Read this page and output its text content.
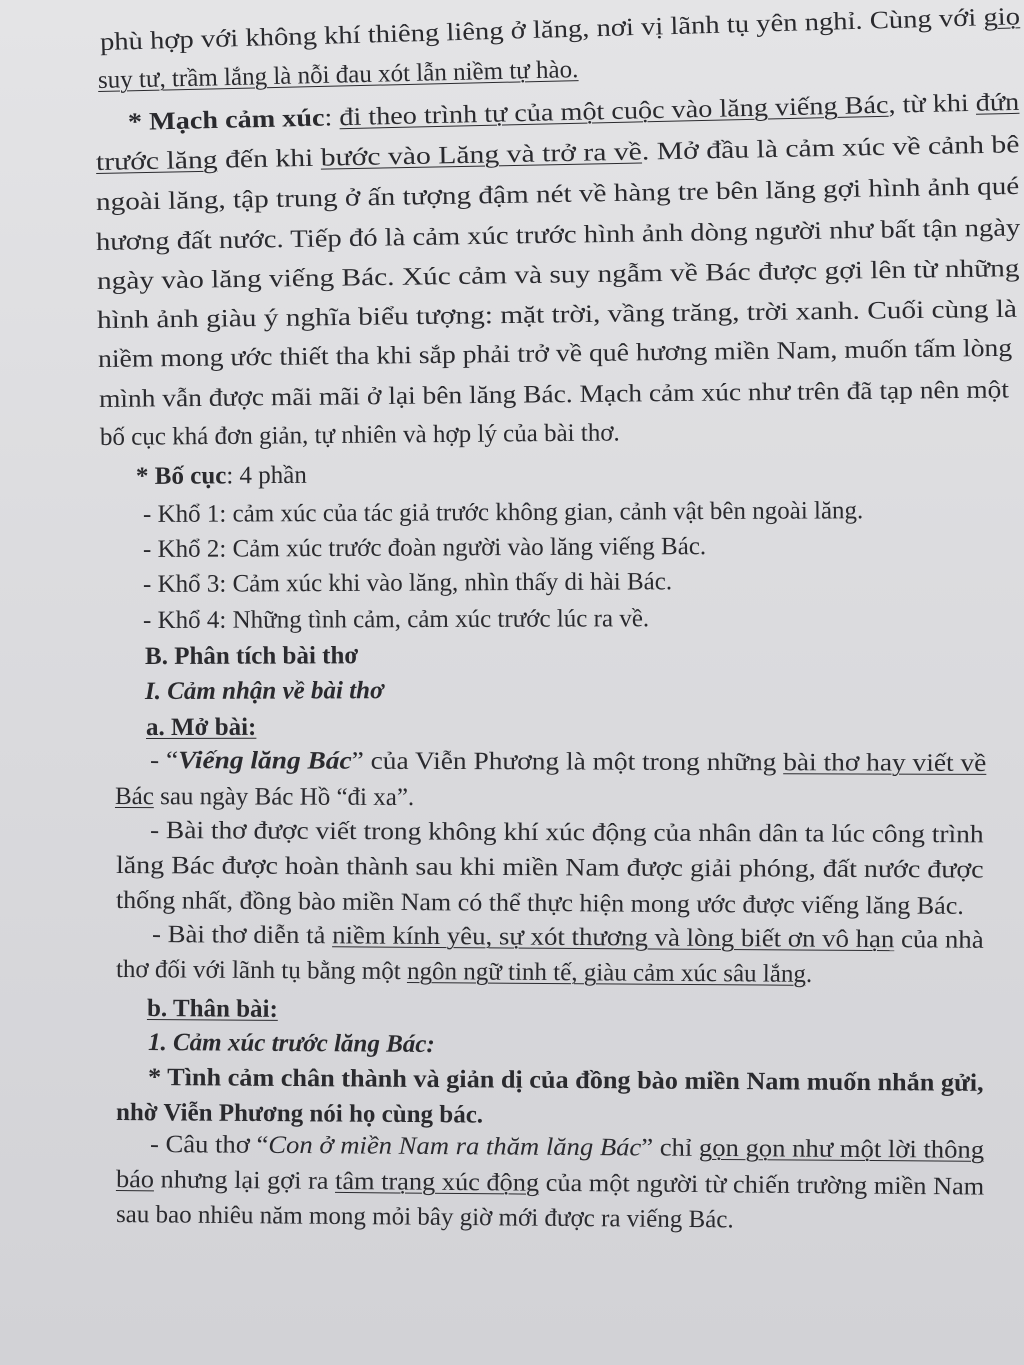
phù hợp với không khí thiêng liêng ở lăng, nơi vị lãnh tụ yên nghỉ. Cùng với giọ
suy tư, trầm lắng là nỗi đau xót lẫn niềm tự hào.
* Mạch cảm xúc: đi theo trình tự của một cuộc vào lăng viếng Bác, từ khi đứn
trước lăng đến khi bước vào Lăng và trở ra về. Mở đầu là cảm xúc về cảnh bê
ngoài lăng, tập trung ở ấn tượng đậm nét về hàng tre bên lăng gợi hình ảnh qué
hương đất nước. Tiếp đó là cảm xúc trước hình ảnh dòng người như bất tận ngày
ngày vào lăng viếng Bác. Xúc cảm và suy ngẫm về Bác được gợi lên từ những
hình ảnh giàu ý nghĩa biểu tượng: mặt trời, vầng trăng, trời xanh. Cuối cùng là
niềm mong ước thiết tha khi sắp phải trở về quê hương miền Nam, muốn tấm lòng
mình vẫn được mãi mãi ở lại bên lăng Bác. Mạch cảm xúc như trên đã tạp nên một
bố cục khá đơn giản, tự nhiên và hợp lý của bài thơ.
* Bố cục: 4 phần
- Khổ 1: cảm xúc của tác giả trước không gian, cảnh vật bên ngoài lăng.
- Khổ 2: Cảm xúc trước đoàn người vào lăng viếng Bác.
- Khổ 3: Cảm xúc khi vào lăng, nhìn thấy di hài Bác.
- Khổ 4: Những tình cảm, cảm xúc trước lúc ra về.
B. Phân tích bài thơ
I. Cảm nhận về bài thơ
a. Mở bài:
- “Viếng lăng Bác” của Viễn Phương là một trong những bài thơ hay viết về
Bác sau ngày Bác Hồ “đi xa”.
- Bài thơ được viết trong không khí xúc động của nhân dân ta lúc công trình
lăng Bác được hoàn thành sau khi miền Nam được giải phóng, đất nước được
thống nhất, đồng bào miền Nam có thể thực hiện mong ước được viếng lăng Bác.
- Bài thơ diễn tả niềm kính yêu, sự xót thương và lòng biết ơn vô hạn của nhà
thơ đối với lãnh tụ bằng một ngôn ngữ tinh tế, giàu cảm xúc sâu lắng.
b. Thân bài:
1. Cảm xúc trước lăng Bác:
* Tình cảm chân thành và giản dị của đồng bào miền Nam muốn nhắn gửi,
nhờ Viễn Phương nói họ cùng bác.
- Câu thơ “Con ở miền Nam ra thăm lăng Bác” chỉ gọn gọn như một lời thông
báo nhưng lại gợi ra tâm trạng xúc động của một người từ chiến trường miền Nam
sau bao nhiêu năm mong mỏi bây giờ mới được ra viếng Bác.
